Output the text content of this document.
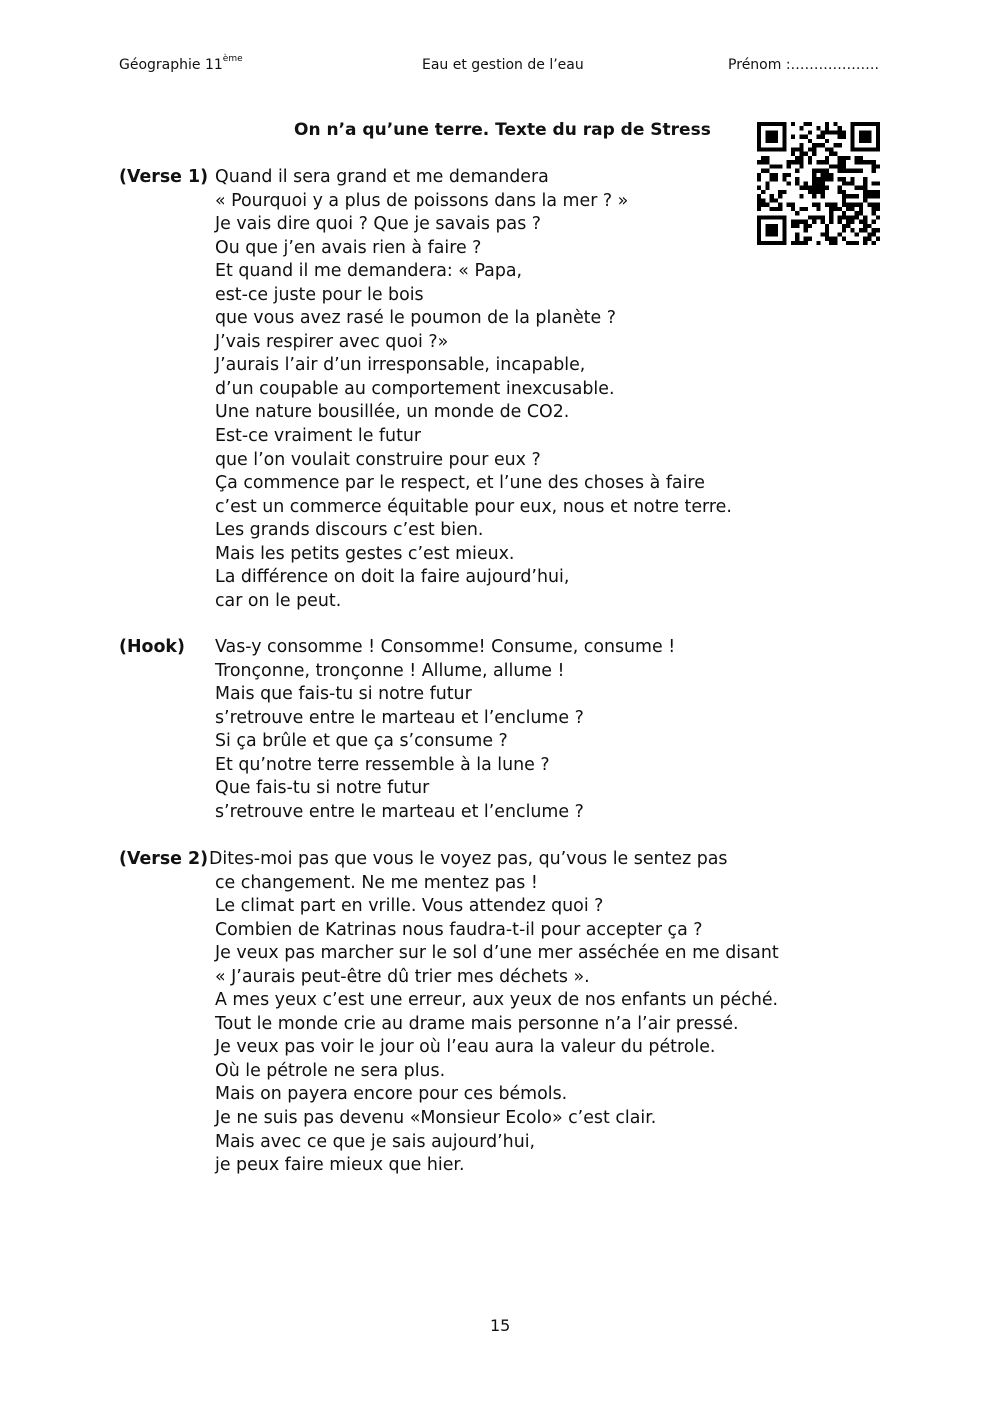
Géographie 11ème	Eau et gestion de l’eau	Prénom :……………….
On n’a qu’une terre. Texte du rap de Stress
(Verse 1) Quand il sera grand et me demandera
« Pourquoi y a plus de poissons dans la mer ? »
Je vais dire quoi ? Que je savais pas ?
Ou que j’en avais rien à faire ?
Et quand il me demandera: « Papa,
est-ce juste pour le bois
que vous avez rasé le poumon de la planète ?
J’vais respirer avec quoi ?»
J’aurais l’air d’un irresponsable, incapable,
d’un coupable au comportement inexcusable.
Une nature bousillée, un monde de CO2.
Est-ce vraiment le futur
que l’on voulait construire pour eux ?
Ça commence par le respect, et l’une des choses à faire
c’est un commerce équitable pour eux, nous et notre terre.
Les grands discours c’est bien.
Mais les petits gestes c’est mieux.
La différence on doit la faire aujourd’hui,
car on le peut.
(Hook) Vas-y consomme ! Consomme! Consume, consume !
Tronçonne, tronçonne ! Allume, allume !
Mais que fais-tu si notre futur
s’retrouve entre le marteau et l’enclume ?
Si ça brûle et que ça s’consume ?
Et qu’notre terre ressemble à la lune ?
Que fais-tu si notre futur
s’retrouve entre le marteau et l’enclume ?
(Verse 2) Dites-moi pas que vous le voyez pas, qu’vous le sentez pas
ce changement. Ne me mentez pas !
Le climat part en vrille. Vous attendez quoi ?
Combien de Katrinas nous faudra-t-il pour accepter ça ?
Je veux pas marcher sur le sol d’une mer asséchée en me disant
« J’aurais peut-être dû trier mes déchets ».
A mes yeux c’est une erreur, aux yeux de nos enfants un péché.
Tout le monde crie au drame mais personne n’a l’air pressé.
Je veux pas voir le jour où l’eau aura la valeur du pétrole.
Où le pétrole ne sera plus.
Mais on payera encore pour ces bémols.
Je ne suis pas devenu «Monsieur Ecolo» c’est clair.
Mais avec ce que je sais aujourd’hui,
je peux faire mieux que hier.
15
